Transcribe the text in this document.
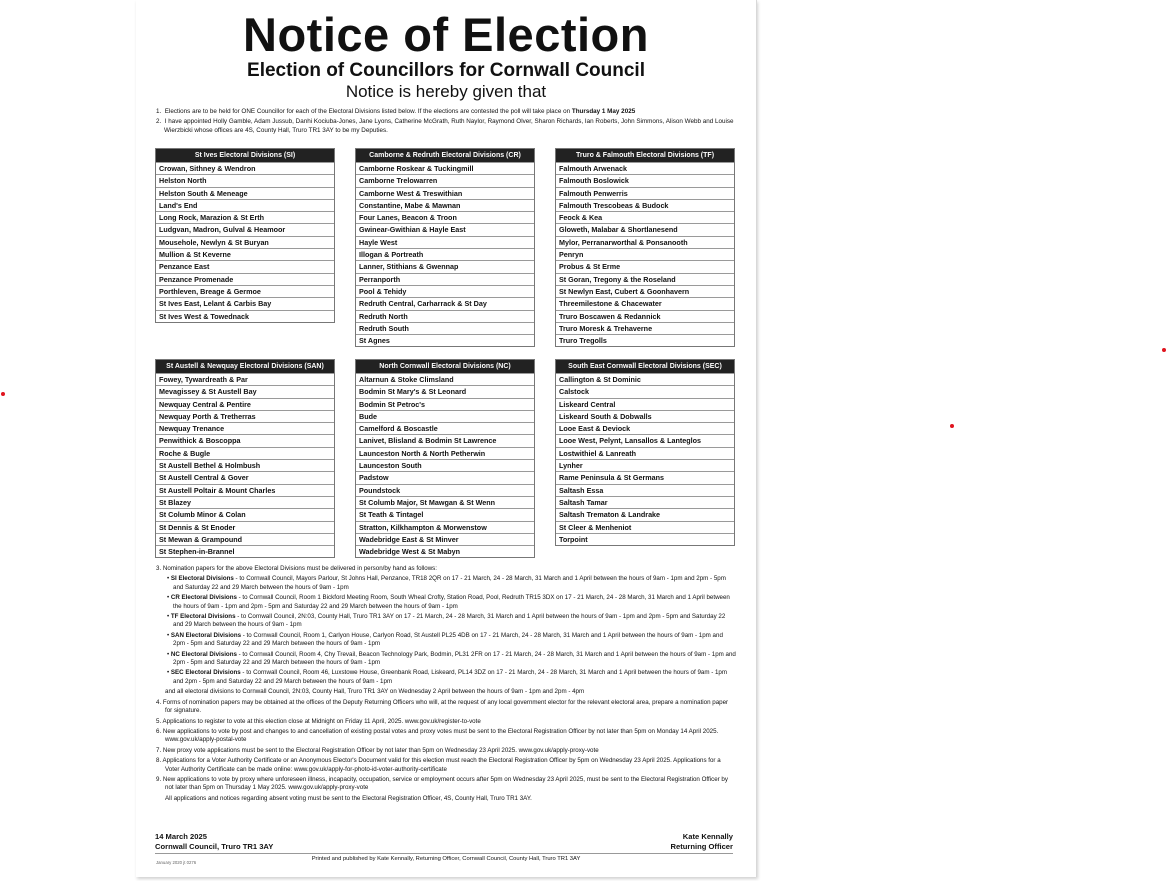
Notice of Election
Election of Councillors for Cornwall Council
Notice is hereby given that

1. Elections are to be held for ONE Councillor for each of the Electoral Divisions listed below. If the elections are contested the poll will take place on Thursday 1 May 2025

2. I have appointed Holly Gamble, Adam Jussub, Danhi Kociuba-Jones, Jane Lyons, Catherine McGrath, Ruth Naylor, Raymond Olver, Sharon Richards, Ian Roberts, John Simmons, Alison Webb and Louise Wierzbicki whose offices are 4S, County Hall, Truro TR1 3AY to be my Deputies.

St Ives Electoral Divisions (SI)
Crowan, Sithney & Wendron
Helston North
Helston South & Meneage
Land's End
Long Rock, Marazion & St Erth
Ludgvan, Madron, Gulval & Heamoor
Mousehole, Newlyn & St Buryan
Mullion & St Keverne
Penzance East
Penzance Promenade
Porthleven, Breage & Germoe
St Ives East, Lelant & Carbis Bay
St Ives West & Towednack
Camborne & Redruth Electoral Divisions (CR)
Camborne Roskear & Tuckingmill
Camborne Trelowarren
Camborne West & Treswithian
Constantine, Mabe & Mawnan
Four Lanes, Beacon & Troon
Gwinear-Gwithian & Hayle East
Hayle West
Illogan & Portreath
Lanner, Stithians & Gwennap
Perranporth
Pool & Tehidy
Redruth Central, Carharrack & St Day
Redruth North
Redruth South
St Agnes
Truro & Falmouth Electoral Divisions (TF)
Falmouth Arwenack
Falmouth Boslowick
Falmouth Penwerris
Falmouth Trescobeas & Budock
Feock & Kea
Gloweth, Malabar & Shortlanesend
Mylor, Perranarworthal & Ponsanooth
Penryn
Probus & St Erme
St Goran, Tregony & the Roseland
St Newlyn East, Cubert & Goonhavern
Threemilestone & Chacewater
Truro Boscawen & Redannick
Truro Moresk & Trehaverne
Truro Tregolls
St Austell & Newquay Electoral Divisions (SAN)
Fowey, Tywardreath & Par
Mevagissey & St Austell Bay
Newquay Central & Pentire
Newquay Porth & Tretherras
Newquay Trenance
Penwithick & Boscoppa
Roche & Bugle
St Austell Bethel & Holmbush
St Austell Central & Gover
St Austell Poltair & Mount Charles
St Blazey
St Columb Minor & Colan
St Dennis & St Enoder
St Mewan & Grampound
St Stephen-in-Brannel
North Cornwall Electoral Divisions (NC)
Altarnun & Stoke Climsland
Bodmin St Mary's & St Leonard
Bodmin St Petroc's
Bude
Camelford & Boscastle
Lanivet, Blisland & Bodmin St Lawrence
Launceston North & North Petherwin
Launceston South
Padstow
Poundstock
St Columb Major, St Mawgan & St Wenn
St Teath & Tintagel
Stratton, Kilkhampton & Morwenstow
Wadebridge East & St Minver
Wadebridge West & St Mabyn
South East Cornwall Electoral Divisions (SEC)
Callington & St Dominic
Calstock
Liskeard Central
Liskeard South & Dobwalls
Looe East & Deviock
Looe West, Pelynt, Lansallos & Lanteglos
Lostwithiel & Lanreath
Lynher
Rame Peninsula & St Germans
Saltash Essa
Saltash Tamar
Saltash Trematon & Landrake
St Cleer & Menheniot
Torpoint

3. Nomination papers for the above Electoral Divisions must be delivered in person/by hand as follows:

• SI Electoral Divisions - to Cornwall Council, Mayors Parlour, St Johns Hall, Penzance, TR18 2QR on 17 - 21 March, 24 - 28 March, 31 March and 1 April between the hours of 9am - 1pm and 2pm - 5pm and Saturday 22 and 29 March between the hours of 9am - 1pm

• CR Electoral Divisions - to Cornwall Council, Room 1 Bickford Meeting Room, South Wheal Crofty, Station Road, Pool, Redruth TR15 3DX on 17 - 21 March, 24 - 28 March, 31 March and 1 April between the hours of 9am - 1pm and 2pm - 5pm and Saturday 22 and 29 March between the hours of 9am - 1pm

• TF Electoral Divisions - to Cornwall Council, 2N:03, County Hall, Truro TR1 3AY on 17 - 21 March, 24 - 28 March, 31 March and 1 April between the hours of 9am - 1pm and 2pm - 5pm and Saturday 22 and 29 March between the hours of 9am - 1pm

• SAN Electoral Divisions - to Cornwall Council, Room 1, Carlyon House, Carlyon Road, St Austell PL25 4DB on 17 - 21 March, 24 - 28 March, 31 March and 1 April between the hours of 9am - 1pm and 2pm - 5pm and Saturday 22 and 29 March between the hours of 9am - 1pm

• NC Electoral Divisions - to Cornwall Council, Room 4, Chy Trevail, Beacon Technology Park, Bodmin, PL31 2FR on 17 - 21 March, 24 - 28 March, 31 March and 1 April between the hours of 9am - 1pm and 2pm - 5pm and Saturday 22 and 29 March between the hours of 9am - 1pm

• SEC Electoral Divisions - to Cornwall Council, Room 46, Luxstowe House, Greenbank Road, Liskeard, PL14 3DZ on 17 - 21 March, 24 - 28 March, 31 March and 1 April between the hours of 9am - 1pm and 2pm - 5pm and Saturday 22 and 29 March between the hours of 9am - 1pm

and all electoral divisions to Cornwall Council, 2N:03, County Hall, Truro TR1 3AY on Wednesday 2 April between the hours of 9am - 1pm and 2pm - 4pm

4. Forms of nomination papers may be obtained at the offices of the Deputy Returning Officers who will, at the request of any local government elector for the relevant electoral area, prepare a nomination paper for signature.

5. Applications to register to vote at this election close at Midnight on Friday 11 April, 2025. www.gov.uk/register-to-vote

6. New applications to vote by post and changes to and cancellation of existing postal votes and proxy votes must be sent to the Electoral Registration Officer by not later than 5pm on Monday 14 April 2025. www.gov.uk/apply-postal-vote

7. New proxy vote applications must be sent to the Electoral Registration Officer by not later than 5pm on Wednesday 23 April 2025. www.gov.uk/apply-proxy-vote

8. Applications for a Voter Authority Certificate or an Anonymous Elector's Document valid for this election must reach the Electoral Registration Officer by 5pm on Wednesday 23 April 2025. Applications for a Voter Authority Certificate can be made online: www.gov.uk/apply-for-photo-id-voter-authority-certificate

9. New applications to vote by proxy where unforeseen illness, incapacity, occupation, service or employment occurs after 5pm on Wednesday 23 April 2025, must be sent to the Electoral Registration Officer by not later than 5pm on Thursday 1 May 2025. www.gov.uk/apply-proxy-vote

All applications and notices regarding absent voting must be sent to the Electoral Registration Officer, 4S, County Hall, Truro TR1 3AY.

14 March 2025
Cornwall Council, Truro TR1 3AY
Kate Kennally
Returning Officer
Printed and published by Kate Kennally, Returning Officer, Cornwall Council, County Hall, Truro TR1 3AY
January 2020 jt 0276
